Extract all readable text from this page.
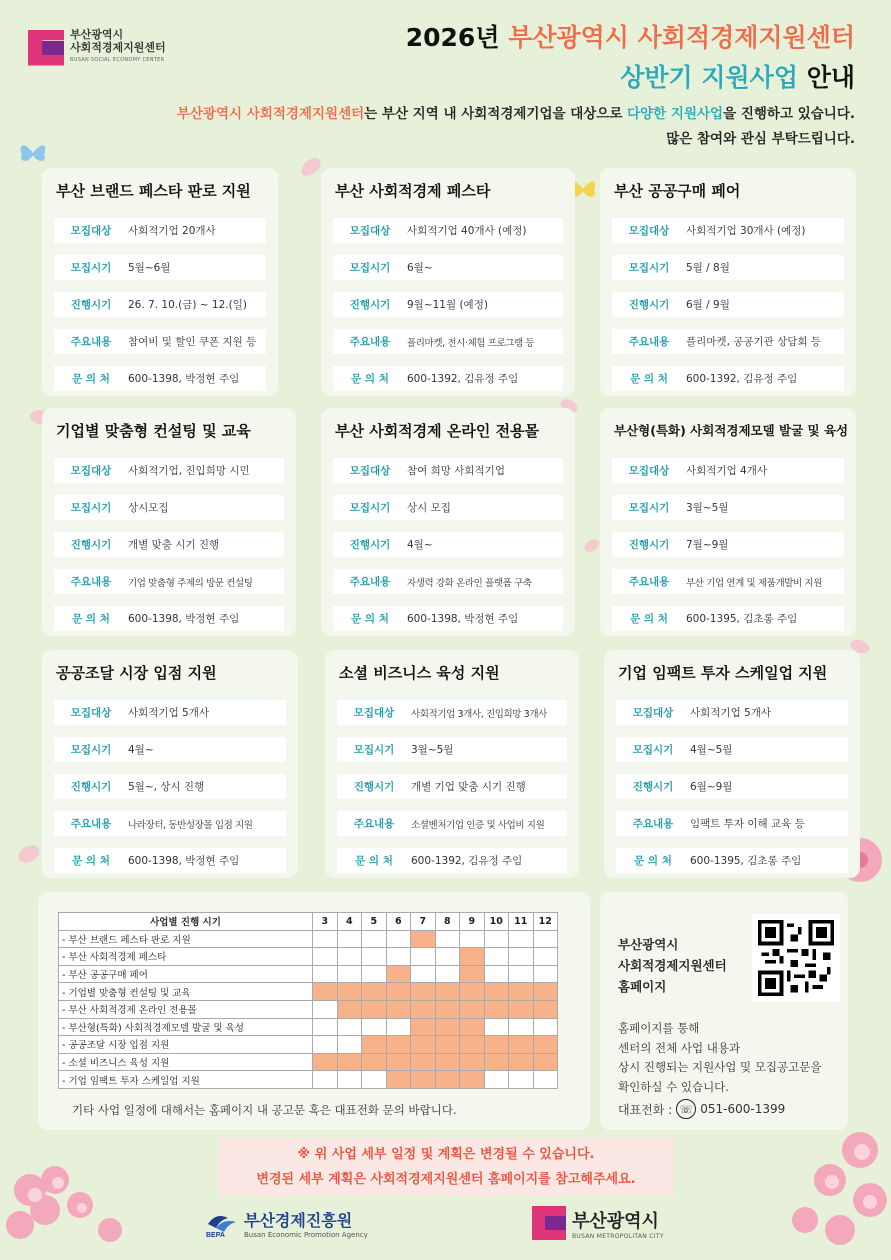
부산광역시
사회적경제지원센터
BUSAN SOCIAL ECONOMY CENTER
2026년 부산광역시 사회적경제지원센터
상반기 지원사업 안내
부산광역시 사회적경제지원센터는 부산 지역 내 사회적경제기업을 대상으로 다양한 지원사업을 진행하고 있습니다.
많은 참여와 관심 부탁드립니다.
부산 브랜드 페스타 판로 지원
모집대상	사회적기업 20개사
모집시기	5월~6월
진행시기	26. 7. 10.(금) ~ 12.(일)
주요내용	참여비 및 할인 쿠폰 지원 등
문 의 처	600-1398, 박정현 주임
부산 사회적경제 페스타
모집대상	사회적기업 40개사 (예정)
모집시기	6월~
진행시기	9월~11월 (예정)
주요내용	플리마켓, 전시·체험 프로그램 등
문 의 처	600-1392, 김유정 주임
부산 공공구매 페어
모집대상	사회적기업 30개사 (예정)
모집시기	5월 / 8월
진행시기	6월 / 9월
주요내용	플리마켓, 공공기관 상담회 등
문 의 처	600-1392, 김유정 주임
기업별 맞춤형 컨설팅 및 교육
모집대상	사회적기업, 진입희망 시민
모집시기	상시모집
진행시기	개별 맞춤 시기 진행
주요내용	기업 맞춤형 주제의 방문 컨설팅
문 의 처	600-1398, 박정현 주임
부산 사회적경제 온라인 전용몰
모집대상	참여 희망 사회적기업
모집시기	상시 모집
진행시기	4월~
주요내용	자생력 강화 온라인 플랫폼 구축
문 의 처	600-1398, 박정현 주임
부산형(특화) 사회적경제모델 발굴 및 육성
모집대상	사회적기업 4개사
모집시기	3월~5월
진행시기	7월~9월
주요내용	부산 기업 연계 및 제품개발비 지원
문 의 처	600-1395, 김초롱 주임
공공조달 시장 입점 지원
모집대상	사회적기업 5개사
모집시기	4월~
진행시기	5월~, 상시 진행
주요내용	나라장터, 동반성장몰 입점 지원
문 의 처	600-1398, 박정현 주임
소셜 비즈니스 육성 지원
모집대상	사회적기업 3개사, 진입희망 3개사
모집시기	3월~5월
진행시기	개별 기업 맞춤 시기 진행
주요내용	소셜벤처기업 인증 및 사업비 지원
문 의 처	600-1392, 김유정 주임
기업 임팩트 투자 스케일업 지원
모집대상	사회적기업 5개사
모집시기	4월~5월
진행시기	6월~9월
주요내용	임팩트 투자 이해 교육 등
문 의 처	600-1395, 김초롱 주임
사업별 진행 시기	3	4	5	6	7	8	9	10	11	12
- 부산 브랜드 페스타 판로 지원										
- 부산 사회적경제 페스타										
- 부산 공공구매 페어										
- 기업별 맞춤형 컨설팅 및 교육										
- 부산 사회적경제 온라인 전용몰										
- 부산형(특화) 사회적경제모델 발굴 및 육성										
- 공공조달 시장 입점 지원										
- 소셜 비즈니스 육성 지원										
- 기업 임팩트 투자 스케일업 지원										
기타 사업 일정에 대해서는 홈페이지 내 공고문 혹은 대표전화 문의 바랍니다.
부산광역시
사회적경제지원센터
홈페이지
홈페이지를 통해
센터의 전체 사업 내용과
상시 진행되는 지원사업 및 모집공고문을
확인하실 수 있습니다.
대표전화 : ☏ 051-600-1399
※ 위 사업 세부 일정 및 계획은 변경될 수 있습니다.
변경된 세부 계획은 사회적경제지원센터 홈페이지를 참고해주세요.
BEPA
부산경제진흥원
Busan Economic Promotion Agency
부산광역시
BUSAN METROPOLITAN CITY
